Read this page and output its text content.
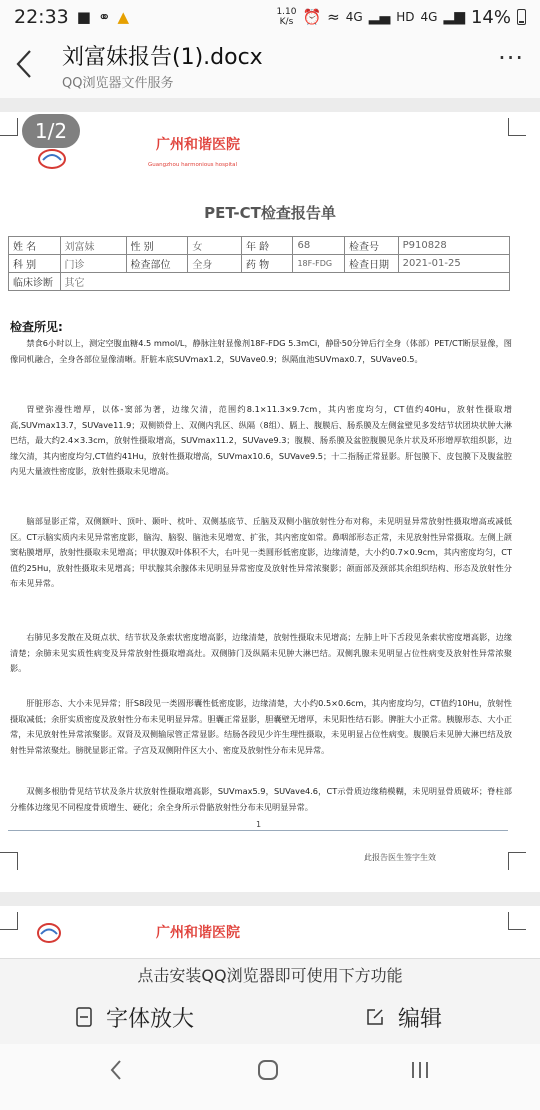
22:33 ■ ⚭ ▲	1.10
K/s ⏰ ≈ 4G ▂▄ HD 4G ▂▆ 14%
刘富妹报告(1).docx
QQ浏览器文件服务
···
广州和谐医院
Guangzhou harmonious hospital
PET-CT检查报告单
姓 名	刘富妹	性 别	女	年 龄	68	检查号	P910828
科 别	门诊	检查部位	全身	药 物	18F-FDG	检查日期	2021-01-25
临床诊断	其它						
检查所见:

禁食6小时以上，测定空腹血糖4.5 mmol/L，静脉注射显像剂18F-FDG 5.3mCi，静卧50分钟后行全身（体部）PET/CT断层显像，图像同机融合，全身各部位显像清晰。肝脏本底SUVmax1.2，SUVave0.9；纵隔血池SUVmax0.7，SUVave0.5。

胃壁弥漫性增厚，以体-窦部为著，边缘欠清，范围约8.1×11.3×9.7cm，其内密度均匀，CT值约40Hu，放射性摄取增高,SUVmax13.7，SUVave11.9；双侧锁骨上、双侧内乳区、纵隔（8组）、膈上、腹膜后、肠系膜及左侧盆壁见多发结节状团块状肿大淋巴结，最大约2.4×3.3cm，放射性摄取增高，SUVmax11.2，SUVave9.3；腹膜、肠系膜及盆腔腹膜见条片状及环形增厚软组织影，边缘欠清，其内密度均匀,CT值约41Hu，放射性摄取增高，SUVmax10.6，SUVave9.5；十二指肠正常显影。肝包膜下、皮包膜下及腹盆腔内见大量液性密度影，放射性摄取未见增高。

脑部显影正常，双侧额叶、顶叶、颞叶、枕叶、双侧基底节、丘脑及双侧小脑放射性分布对称，未见明显异常放射性摄取增高或减低区。CT示脑实质内未见异常密度影，脑沟、脑裂、脑池未见增宽、扩张，其内密度如常。鼻咽部形态正常，未见放射性异常摄取。左侧上颌窦粘膜增厚，放射性摄取未见增高；甲状腺双叶体积不大，右叶见一类圆形低密度影，边缘清楚，大小约0.7×0.9cm，其内密度均匀，CT值约25Hu，放射性摄取未见增高；甲状腺其余腺体未见明显异常密度及放射性异常浓聚影；颌面部及颈部其余组织结构、形态及放射性分布未见异常。

右肺见多发散在及斑点状、结节状及条索状密度增高影，边缘清楚，放射性摄取未见增高；左肺上叶下舌段见条索状密度增高影，边缘清楚；余肺未见实质性病变及异常放射性摄取增高灶。双侧肺门及纵隔未见肿大淋巴结。双侧乳腺未见明显占位性病变及放射性异常浓聚影。

肝脏形态、大小未见异常；肝S8段见一类圆形囊性低密度影，边缘清楚，大小约0.5×0.6cm，其内密度均匀，CT值约10Hu，放射性摄取减低；余肝实质密度及放射性分布未见明显异常。胆囊正常显影，胆囊壁无增厚，未见阳性结石影。脾脏大小正常。胰腺形态、大小正常，未见放射性异常浓聚影。双肾及双侧输尿管正常显影。结肠各段见少许生理性摄取，未见明显占位性病变。腹膜后未见肿大淋巴结及放射性异常浓聚灶。膀胱显影正常。子宫及双侧附件区大小、密度及放射性分布未见异常。

双侧多根肋骨见结节状及条片状放射性摄取增高影，SUVmax5.9，SUVave4.6，CT示骨质边缘稍模糊，未见明显骨质破坏；脊柱部分椎体边缘见不同程度骨质增生、硬化；余全身所示骨骼放射性分布未见明显异常。

1
此报告医生签字生效
广州和谐医院
1/2
点击安装QQ浏览器即可使用下方功能
字体放大	编辑
